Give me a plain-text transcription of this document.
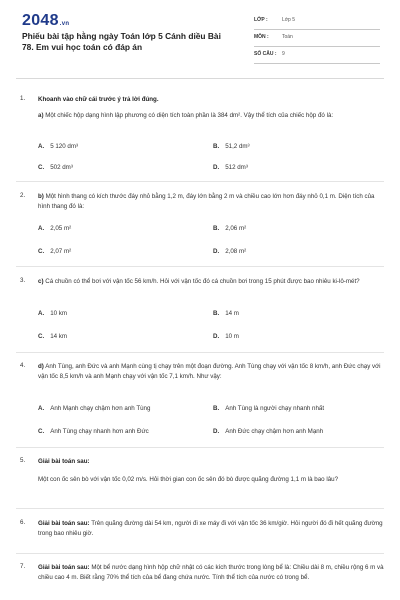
2048.vn
Phiếu bài tập hằng ngày Toán lớp 5 Cánh diều Bài 78. Em vui học toán có đáp án
LỚP :	Lớp 5
MÔN :	Toán
SỐ CÂU : 9
1. Khoanh vào chữ cái trước ý trả lời đúng.
a) Một chiếc hộp dạng hình lập phương có diện tích toàn phần là 384 dm². Vậy thể tích của chiếc hộp đó là:
A. 5 120 dm³	B. 51,2 dm³
C. 502 dm³	D. 512 dm³
2. b) Một hình thang có kích thước đáy nhỏ bằng 1,2 m, đáy lớn bằng 2 m và chiều cao lớn hơn đáy nhỏ 0,1 m. Diện tích của hình thang đó là:
A. 2,05 m²	B. 2,06 m²
C. 2,07 m²	D. 2,08 m²
3. c) Cá chuồn có thể bơi với vận tốc 56 km/h. Hỏi với vận tốc đó cá chuồn bơi trong 15 phút được bao nhiêu ki-lô-mét?
A. 10 km	B. 14 m
C. 14 km	D. 10 m
4. d) Anh Tùng, anh Đức và anh Mạnh cùng tị chạy trên một đoạn đường. Anh Tùng chạy với vận tốc 8 km/h, anh Đức chạy với vận tốc 8,5 km/h và anh Mạnh chạy với vận tốc 7,1 km/h. Như vậy:
A. Anh Mạnh chạy chậm hơn anh Tùng	B. Anh Tùng là người chạy nhanh nhất
C. Anh Tùng chạy nhanh hơn anh Đức	D. Anh Đức chạy chậm hơn anh Mạnh
5. Giải bài toán sau:
Một con ốc sên bò với vận tốc 0,02 m/s. Hỏi thời gian con ốc sên đó bò được quãng đường 1,1 m là bao lâu?
6. Giải bài toán sau: Trên quãng đường dài 54 km, người đi xe máy đi với vận tốc 36 km/giờ. Hỏi người đó đi hết quãng đường trong bao nhiêu giờ.
7. Giải bài toán sau: Một bể nước dạng hình hộp chữ nhật có các kích thước trong lòng bể là: Chiều dài 8 m, chiều rộng 6 m và chiều cao 4 m. Biết rằng 70% thể tích của bể đang chứa nước. Tính thể tích của nước có trong bể.
